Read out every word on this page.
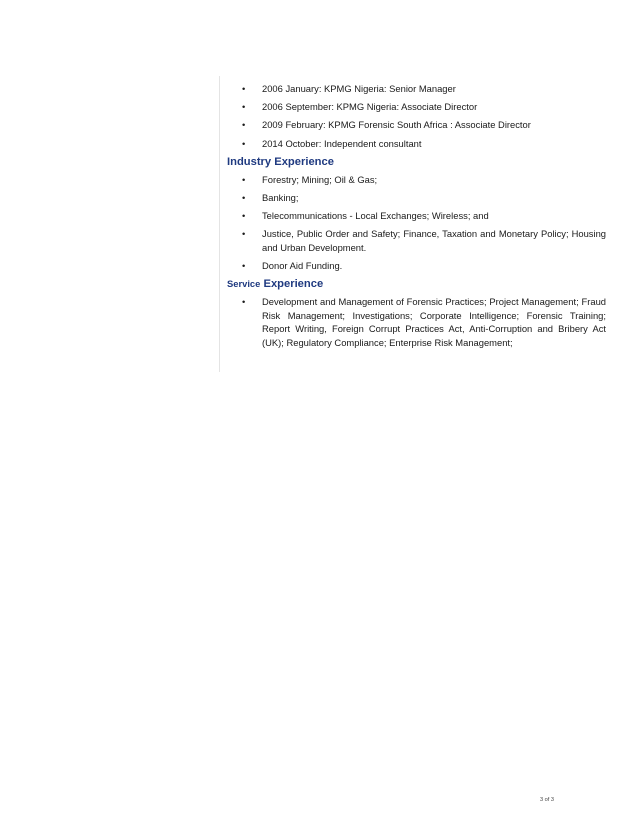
• 2006 January: KPMG Nigeria: Senior Manager
• 2006 September: KPMG Nigeria: Associate Director
• 2009 February: KPMG Forensic South Africa : Associate Director
• 2014 October: Independent consultant
Industry Experience
• Forestry; Mining; Oil & Gas;
• Banking;
• Telecommunications - Local Exchanges; Wireless; and
• Justice, Public Order and Safety; Finance, Taxation and Monetary Policy; Housing and Urban Development.
• Donor Aid Funding.
Service Experience
• Development and Management of Forensic Practices; Project Management; Fraud Risk Management; Investigations; Corporate Intelligence; Forensic Training; Report Writing, Foreign Corrupt Practices Act, Anti-Corruption and Bribery Act (UK); Regulatory Compliance; Enterprise Risk Management;
3 of 3
